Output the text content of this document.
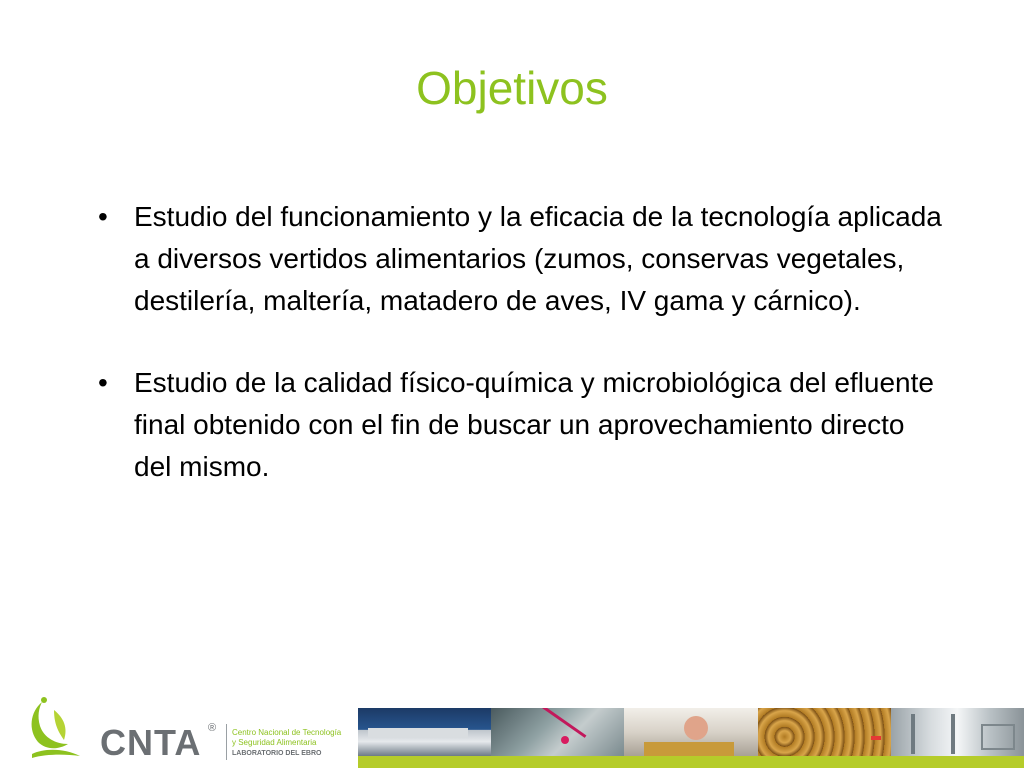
Objetivos
• Estudio del funcionamiento y la eficacia de la tecnología aplicada a diversos vertidos alimentarios (zumos, conservas vegetales, destilería, maltería, matadero de aves, IV gama y cárnico).
• Estudio de la calidad físico-química y microbiológica del efluente final obtenido con el fin de buscar un aprovechamiento directo del mismo.
CNTA ® Centro Nacional de Tecnología
y Seguridad Alimentaria
LABORATORIO DEL EBRO
